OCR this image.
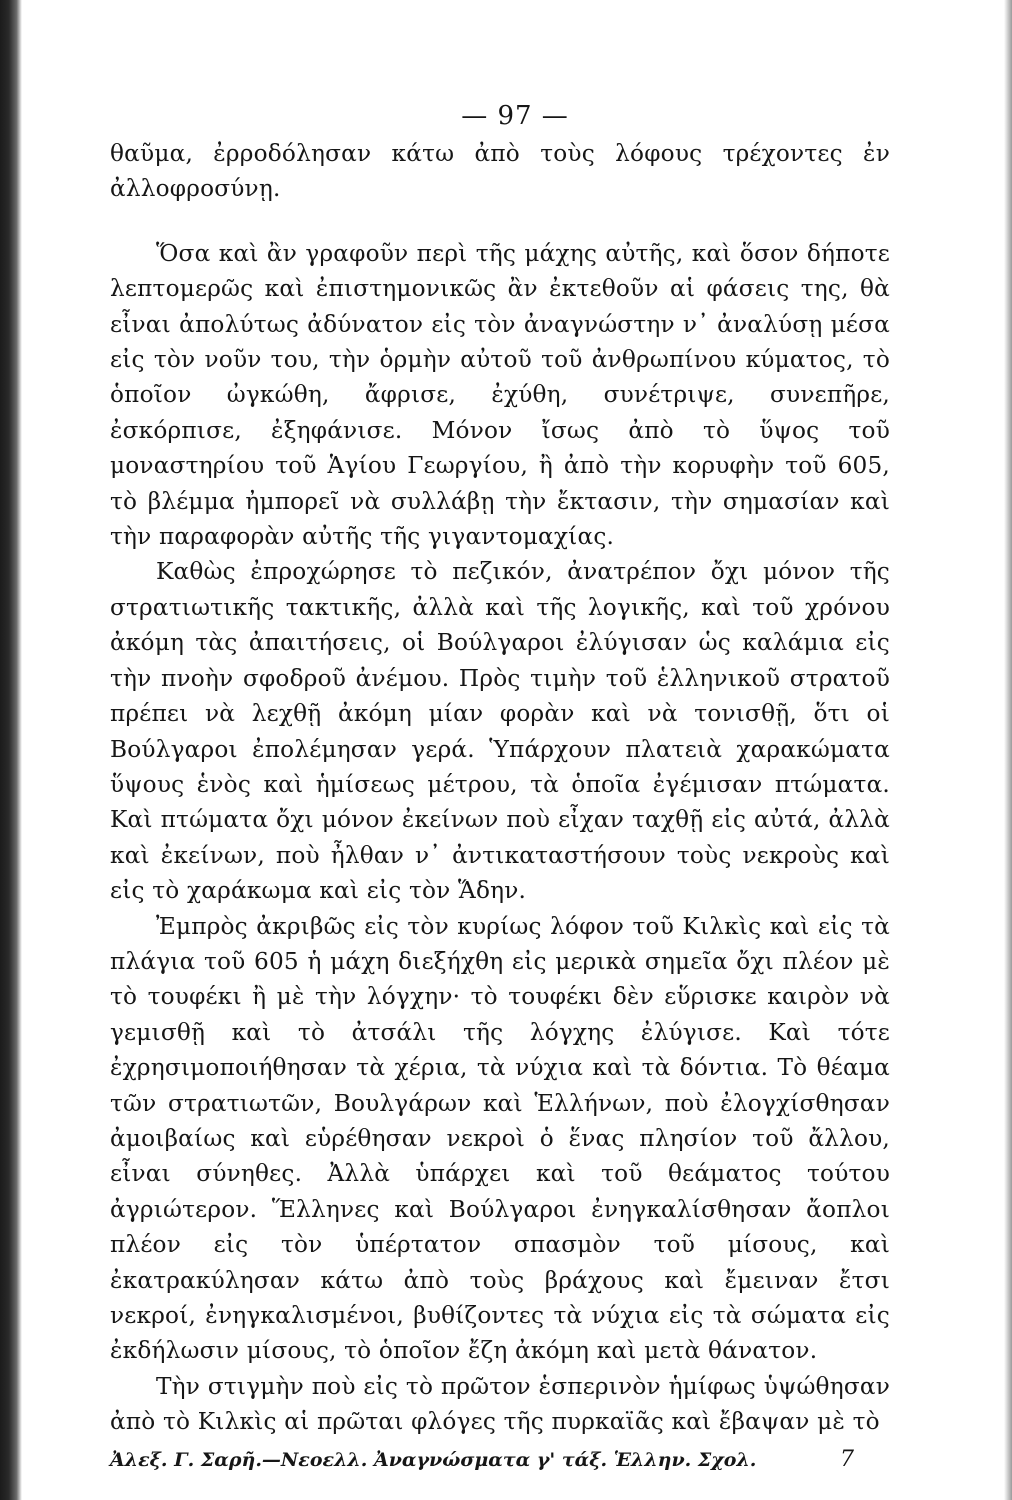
— 97 —

θαῦμα, ἐρροδόλησαν κάτω ἀπὸ τοὺς λόφους τρέχοντες ἐν ἀλλοφροσύνῃ.

Ὅσα καὶ ἂν γραφοῦν περὶ τῆς μάχης αὐτῆς, καὶ ὅσον δήποτε λεπτομερῶς καὶ ἐπιστημονικῶς ἂν ἐκτεθοῦν αἱ φάσεις της, θὰ εἶναι ἀπολύτως ἀδύνατον εἰς τὸν ἀναγνώστην ν᾽ ἀναλύσῃ μέσα εἰς τὸν νοῦν του, τὴν ὁρμὴν αὐτοῦ τοῦ ἀνθρωπίνου κύματος, τὸ ὁποῖον ὠγκώθη, ἄφρισε, ἐχύθη, συνέτριψε, συνεπῆρε, ἐσκόρπισε, ἐξηφάνισε. Μόνον ἴσως ἀπὸ τὸ ὕψος τοῦ μοναστηρίου τοῦ Ἁγίου Γεωργίου, ἢ ἀπὸ τὴν κορυφὴν τοῦ 605, τὸ βλέμμα ἠμπορεῖ νὰ συλλάβῃ τὴν ἔκτασιν, τὴν σημασίαν καὶ τὴν παραφορὰν αὐτῆς τῆς γιγαντομαχίας.

Καθὼς ἐπροχώρησε τὸ πεζικόν, ἀνατρέπον ὄχι μόνον τῆς στρατιωτικῆς τακτικῆς, ἀλλὰ καὶ τῆς λογικῆς, καὶ τοῦ χρόνου ἀκόμη τὰς ἀπαιτήσεις, οἱ Βούλγαροι ἐλύγισαν ὡς καλάμια εἰς τὴν πνοὴν σφοδροῦ ἀνέμου. Πρὸς τιμὴν τοῦ ἑλληνικοῦ στρατοῦ πρέπει νὰ λεχθῇ ἀκόμη μίαν φορὰν καὶ νὰ τονισθῇ, ὅτι οἱ Βούλγαροι ἐπολέμησαν γερά. Ὑπάρχουν πλατειὰ χαρακώματα ὕψους ἑνὸς καὶ ἡμίσεως μέτρου, τὰ ὁποῖα ἐγέμισαν πτώματα. Καὶ πτώματα ὄχι μόνον ἐκείνων ποὺ εἶχαν ταχθῇ εἰς αὐτά, ἀλλὰ καὶ ἐκείνων, ποὺ ἦλθαν ν᾽ ἀντικαταστήσουν τοὺς νεκροὺς καὶ εἰς τὸ χαράκωμα καὶ εἰς τὸν Ἅδην.

Ἐμπρὸς ἀκριβῶς εἰς τὸν κυρίως λόφον τοῦ Κιλκὶς καὶ εἰς τὰ πλάγια τοῦ 605 ἡ μάχη διεξήχθη εἰς μερικὰ σημεῖα ὄχι πλέον μὲ τὸ τουφέκι ἢ μὲ τὴν λόγχην· τὸ τουφέκι δὲν εὕρισκε καιρὸν νὰ γεμισθῇ καὶ τὸ ἀτσάλι τῆς λόγχης ἐλύγισε. Καὶ τότε ἐχρησιμοποιήθησαν τὰ χέρια, τὰ νύχια καὶ τὰ δόντια. Τὸ θέαμα τῶν στρατιωτῶν, Βουλγάρων καὶ Ἑλλήνων, ποὺ ἐλογχίσθησαν ἀμοιβαίως καὶ εὑρέθησαν νεκροὶ ὁ ἕνας πλησίον τοῦ ἄλλου, εἶναι σύνηθες. Ἀλλὰ ὑπάρχει καὶ τοῦ θεάματος τούτου ἀγριώτερον. Ἕλληνες καὶ Βούλγαροι ἐνηγκαλίσθησαν ἄοπλοι πλέον εἰς τὸν ὑπέρτατον σπασμὸν τοῦ μίσους, καὶ ἐκατρακύλησαν κάτω ἀπὸ τοὺς βράχους καὶ ἔμειναν ἔτσι νεκροί, ἐνηγκαλισμένοι, βυθίζοντες τὰ νύχια εἰς τὰ σώματα εἰς ἐκδήλωσιν μίσους, τὸ ὁποῖον ἔζη ἀκόμη καὶ μετὰ θάνατον.

Τὴν στιγμὴν ποὺ εἰς τὸ πρῶτον ἑσπερινὸν ἡμίφως ὑψώθησαν ἀπὸ τὸ Κιλκὶς αἱ πρῶται φλόγες τῆς πυρκαϊᾶς καὶ ἔβαψαν μὲ τὸ

Ἀλεξ. Γ. Σαρῆ.—Νεοελλ. Ἀναγνώσματα γ' τάξ. Ἑλλην. Σχολ.	7
